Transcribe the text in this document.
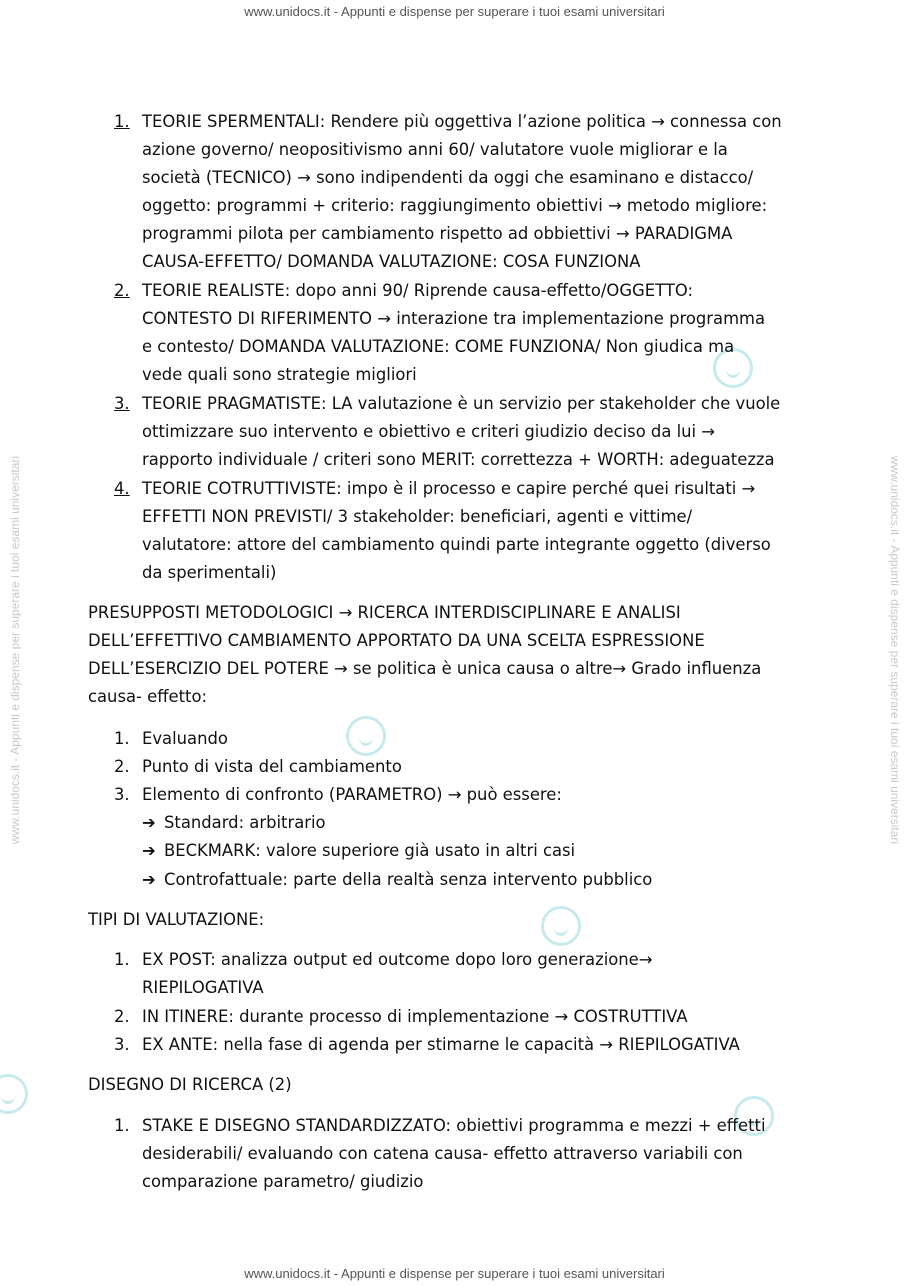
www.unidocs.it - Appunti e dispense per superare i tuoi esami universitari
www.unidocs.it - Appunti e dispense per superare i tuoi esami universitari	www.unidocs.it - Appunti e dispense per superare i tuoi esami universitari
1. TEORIE SPERMENTALI: Rendere più oggettiva l’azione politica → connessa con
azione governo/ neopositivismo anni 60/ valutatore vuole migliorar e la
società (TECNICO) → sono indipendenti da oggi che esaminano e distacco/
oggetto: programmi + criterio: raggiungimento obiettivi → metodo migliore:
programmi pilota per cambiamento rispetto ad obbiettivi → PARADIGMA
CAUSA-EFFETTO/ DOMANDA VALUTAZIONE: COSA FUNZIONA
2. TEORIE REALISTE: dopo anni 90/ Riprende causa-effetto/OGGETTO:
CONTESTO DI RIFERIMENTO → interazione tra implementazione programma
e contesto/ DOMANDA VALUTAZIONE: COME FUNZIONA/ Non giudica ma
vede quali sono strategie migliori
3. TEORIE PRAGMATISTE: LA valutazione è un servizio per stakeholder che vuole
ottimizzare suo intervento e obiettivo e criteri giudizio deciso da lui →
rapporto individuale / criteri sono MERIT: correttezza + WORTH: adeguatezza
4. TEORIE COTRUTTIVISTE: impo è il processo e capire perché quei risultati →
EFFETTI NON PREVISTI/ 3 stakeholder: beneficiari, agenti e vittime/
valutatore: attore del cambiamento quindi parte integrante oggetto (diverso
da sperimentali)
PRESUPPOSTI METODOLOGICI → RICERCA INTERDISCIPLINARE E ANALISI
DELL’EFFETTIVO CAMBIAMENTO APPORTATO DA UNA SCELTA ESPRESSIONE
DELL’ESERCIZIO DEL POTERE → se politica è unica causa o altre→ Grado influenza
causa- effetto:
1. Evaluando
2. Punto di vista del cambiamento
3. Elemento di confronto (PARAMETRO) → può essere:
➔ Standard: arbitrario
➔ BECKMARK: valore superiore già usato in altri casi
➔ Controfattuale: parte della realtà senza intervento pubblico
TIPI DI VALUTAZIONE:
1. EX POST: analizza output ed outcome dopo loro generazione→
RIEPILOGATIVA
2. IN ITINERE: durante processo di implementazione → COSTRUTTIVA
3. EX ANTE: nella fase di agenda per stimarne le capacità → RIEPILOGATIVA
DISEGNO DI RICERCA (2)
1. STAKE E DISEGNO STANDARDIZZATO: obiettivi programma e mezzi + effetti
desiderabili/ evaluando con catena causa- effetto attraverso variabili con
comparazione parametro/ giudizio
www.unidocs.it - Appunti e dispense per superare i tuoi esami universitari
